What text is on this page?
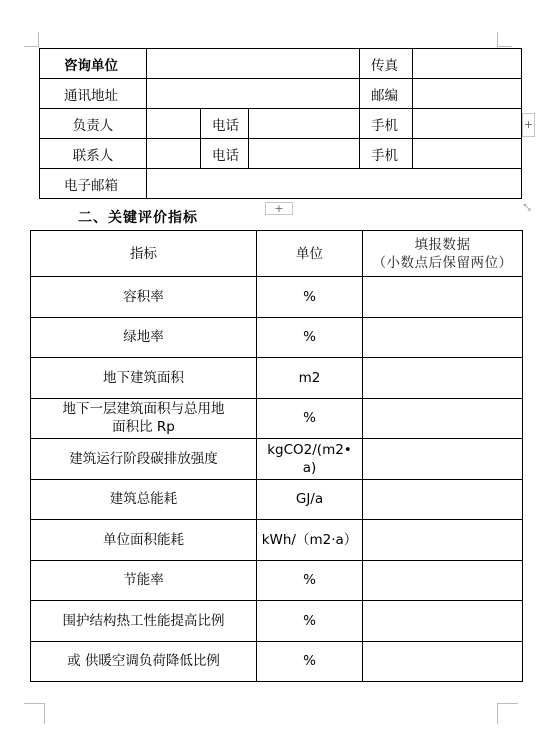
咨询单位				传真	
通讯地址				邮编	
负责人		电话		手机	
联系人		电话		手机	
电子邮箱					
+
+	⤡
二、关键评价指标
指标	单位	填报数据
（小数点后保留两位）

容积率	%	
绿地率	%	
地下建筑面积	m2	

地下一层建筑面积与总用地
面积比 Rp	%	
建筑运行阶段碳排放强度	kgCO2/(m2•
a)	

建筑总能耗	GJ/a	
单位面积能耗	kWh/（m2·a）	
节能率	%	
围护结构热工性能提高比例	%	
或 供暖空调负荷降低比例	%	
